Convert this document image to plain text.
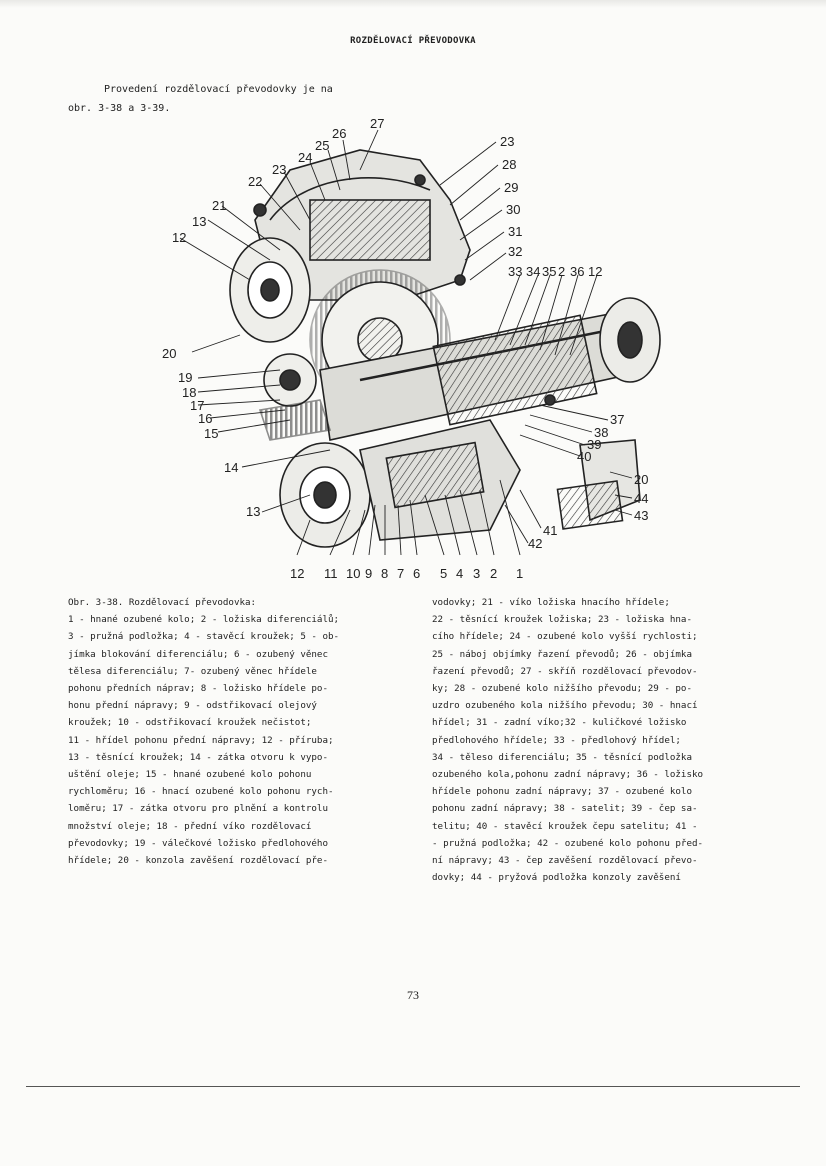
ROZDĚLOVACÍ PŘEVODOVKA
Provedení rozdělovací převodovky je na
obr. 3-38 a 3-39.
27
26
25
24
23
22
21
13
12
20
19
18
17
16
15
14
13
23
28
29
30
31
32
33 34 35 2 36 12
37
38
39
40
20
44
43
41
42
12 11 10 9 8 7 6 5 4 3 2 1
Obr. 3-38. Rozdělovací převodovka:
1 - hnané ozubené kolo; 2 - ložiska diferenciálů;
3 - pružná podložka; 4 - stavěcí kroužek; 5 - ob-
jímka blokování diferenciálu; 6 - ozubený věnec
tělesa diferenciálu; 7- ozubený věnec hřídele
pohonu předních náprav; 8 - ložisko hřídele po-
honu přední nápravy; 9 - odstřikovací olejový
kroužek; 10 - odstřikovací kroužek nečistot;
11 - hřídel pohonu přední nápravy; 12 - příruba;
13 - těsnící kroužek; 14 - zátka otvoru k vypo-
uštění oleje; 15 - hnané ozubené kolo pohonu
rychloměru; 16 - hnací ozubené kolo pohonu rych-
loměru; 17 - zátka otvoru pro plnění a kontrolu
množství oleje; 18 - přední víko rozdělovací
převodovky; 19 - válečkové ložisko předlohového
hřídele; 20 - konzola zavěšení rozdělovací pře-
vodovky; 21 - víko ložiska hnacího hřídele;
22 - těsnící kroužek ložiska; 23 - ložiska hna-
cího hřídele; 24 - ozubené kolo vyšší rychlosti;
25 - náboj objímky řazení převodů; 26 - objímka
řazení převodů; 27 - skříň rozdělovací převodov-
ky; 28 - ozubené kolo nižšího převodu; 29 - po-
uzdro ozubeného kola nižšího převodu; 30 - hnací
hřídel; 31 - zadní víko;32 - kuličkové ložisko
předlohového hřídele; 33 - předlohový hřídel;
34 - těleso diferenciálu; 35 - těsnící podložka
ozubeného kola,pohonu zadní nápravy; 36 - ložisko
hřídele pohonu zadní nápravy; 37 - ozubené kolo
pohonu zadní nápravy; 38 - satelit; 39 - čep sa-
telitu; 40 - stavěcí kroužek čepu satelitu; 41 -
- pružná podložka; 42 - ozubené kolo pohonu před-
ní nápravy; 43 - čep zavěšení rozdělovací převo-
dovky; 44 - pryžová podložka konzoly zavěšení
73
